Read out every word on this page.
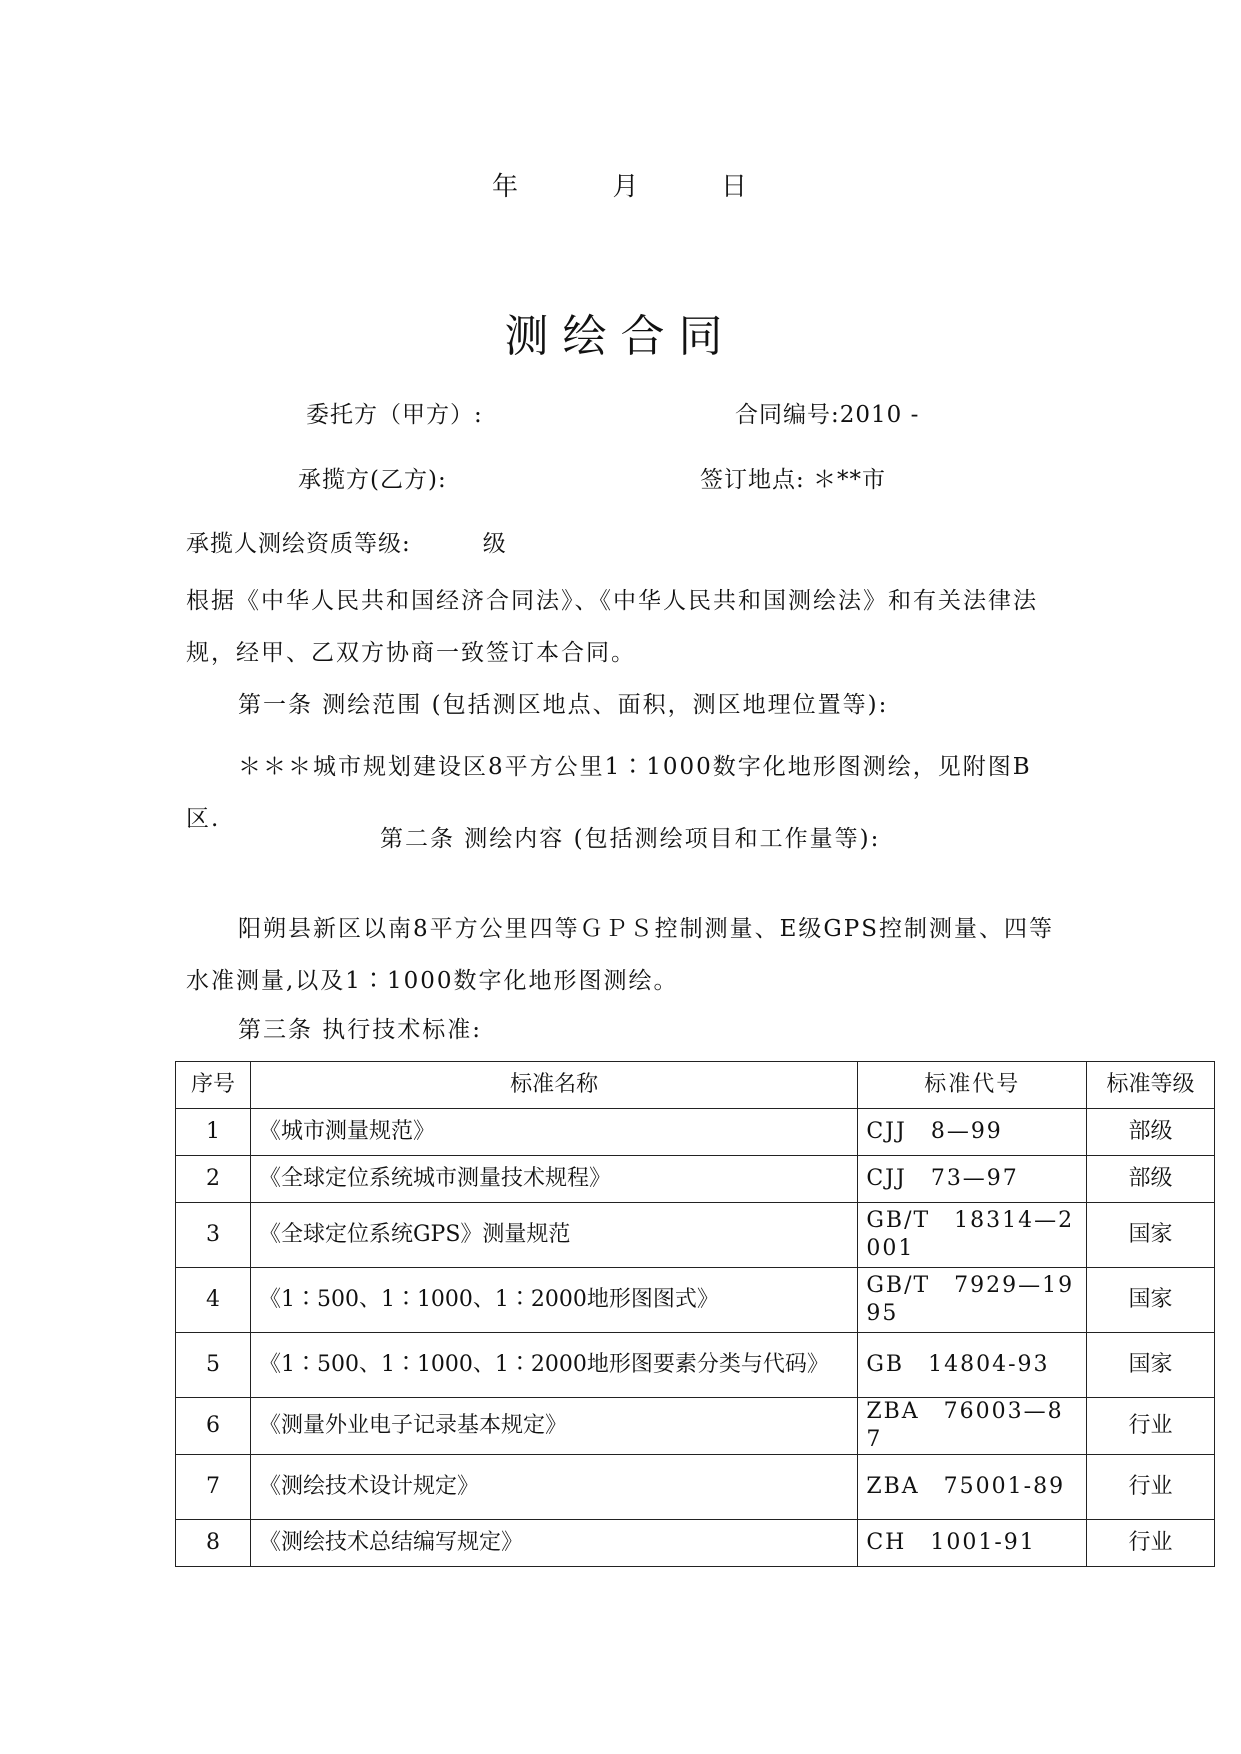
年	月	日
测绘合同
委托方（甲方）:	合同编号:2010 -
承揽方(乙方):	签订地点: ＊**市
承揽人测绘资质等级:　　　级
根据《中华人民共和国经济合同法》、《中华人民共和国测绘法》和有关法律法规，经甲、乙双方协商一致签订本合同。
第一条 测绘范围 (包括测区地点、面积，测区地理位置等):
＊＊＊城市规划建设区8平方公里1∶1000数字化地形图测绘，见附图B区.
第二条 测绘内容 (包括测绘项目和工作量等):
阳朔县新区以南8平方公里四等ＧＰＳ控制测量、E级GPS控制测量、四等水准测量,以及1∶1000数字化地形图测绘。
第三条 执行技术标准:
序号	标准名称	标准代号	标准等级
1	《城市测量规范》	CJJ　8—99	部级
2	《全球定位系统城市测量技术规程》	CJJ　73—97	部级
3	《全球定位系统GPS》测量规范	GB/T　18314—2001	国家
4	《1∶500、1∶1000、1∶2000地形图图式》	GB/T　7929—1995	国家
5	《1∶500、1∶1000、1∶2000地形图要素分类与代码》	GB　14804-93	国家
6	《测量外业电子记录基本规定》	ZBA　76003—87	行业
7	《测绘技术设计规定》	ZBA　75001-89	行业
8	《测绘技术总结编写规定》	CH　1001-91	行业
